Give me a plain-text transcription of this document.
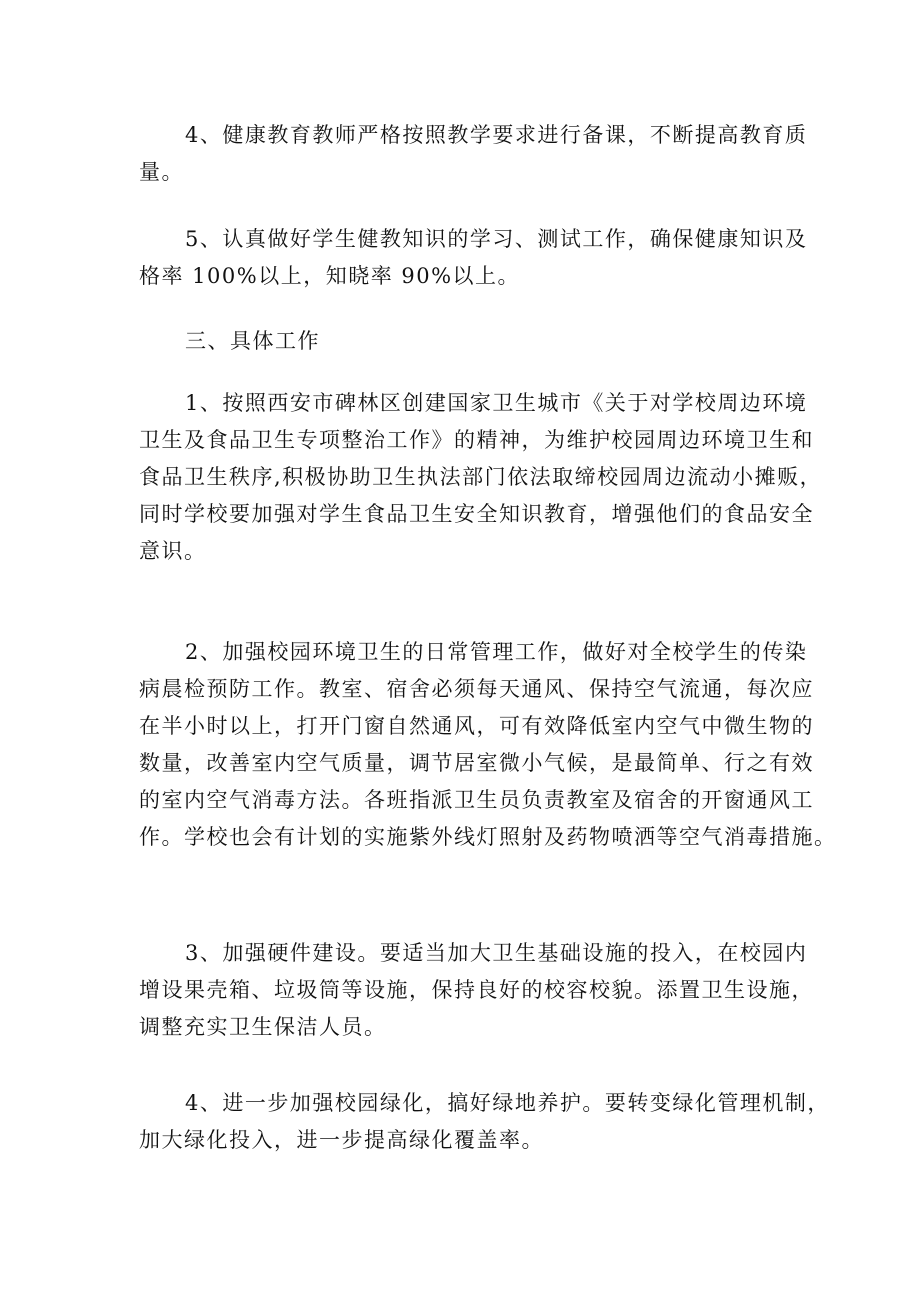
4、健康教育教师严格按照教学要求进行备课，不断提高教育质
量。
5、认真做好学生健教知识的学习、测试工作，确保健康知识及
格率 100%以上，知晓率 90%以上。
三、具体工作
1、按照西安市碑林区创建国家卫生城市《关于对学校周边环境
卫生及食品卫生专项整治工作》的精神，为维护校园周边环境卫生和
食品卫生秩序,积极协助卫生执法部门依法取缔校园周边流动小摊贩，
同时学校要加强对学生食品卫生安全知识教育，增强他们的食品安全
意识。
2、加强校园环境卫生的日常管理工作，做好对全校学生的传染
病晨检预防工作。教室、宿舍必须每天通风、保持空气流通，每次应
在半小时以上，打开门窗自然通风，可有效降低室内空气中微生物的
数量，改善室内空气质量，调节居室微小气候，是最简单、行之有效
的室内空气消毒方法。各班指派卫生员负责教室及宿舍的开窗通风工
作。学校也会有计划的实施紫外线灯照射及药物喷洒等空气消毒措施。
3、加强硬件建设。要适当加大卫生基础设施的投入，在校园内
增设果壳箱、垃圾筒等设施，保持良好的校容校貌。添置卫生设施，
调整充实卫生保洁人员。
4、进一步加强校园绿化，搞好绿地养护。要转变绿化管理机制，
加大绿化投入，进一步提高绿化覆盖率。
